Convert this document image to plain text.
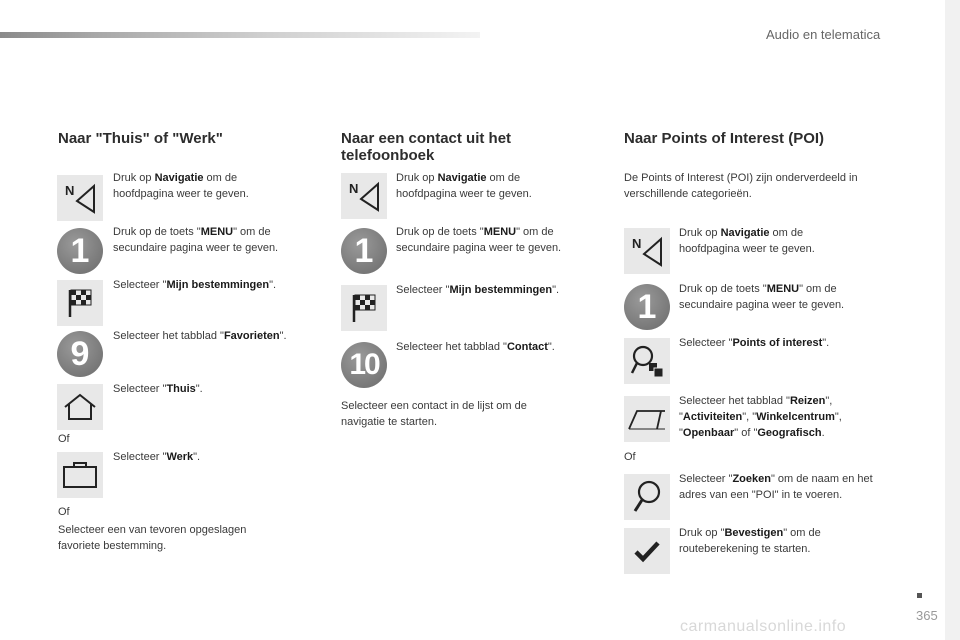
Audio en telematica
Naar "Thuis" of "Werk"
N
Druk op Navigatie om de hoofdpagina weer te geven.
1	Druk op de toets "MENU" om de secundaire pagina weer te geven.
Selecteer "Mijn bestemmingen".
9	Selecteer het tabblad "Favorieten".
Selecteer "Thuis".
Of
Selecteer "Werk".
Of
Selecteer een van tevoren opgeslagen favoriete bestemming.
Naar een contact uit het telefoonboek
N
Druk op Navigatie om de hoofdpagina weer te geven.
1	Druk op de toets "MENU" om de secundaire pagina weer te geven.
Selecteer "Mijn bestemmingen".
10
Selecteer het tabblad "Contact".
Selecteer een contact in de lijst om de navigatie te starten.
Naar Points of Interest (POI)
De Points of Interest (POI) zijn onderverdeeld in verschillende categorieën.
N
Druk op Navigatie om de hoofdpagina weer te geven.
1	Druk op de toets "MENU" om de secundaire pagina weer te geven.
Selecteer "Points of interest".
Selecteer het tabblad "Reizen", "Activiteiten", "Winkelcentrum", "Openbaar" of "Geografisch.
Of
Selecteer "Zoeken" om de naam en het adres van een "POI" in te voeren.
Druk op "Bevestigen" om de routeberekening te starten.
365
carmanualsonline.info
